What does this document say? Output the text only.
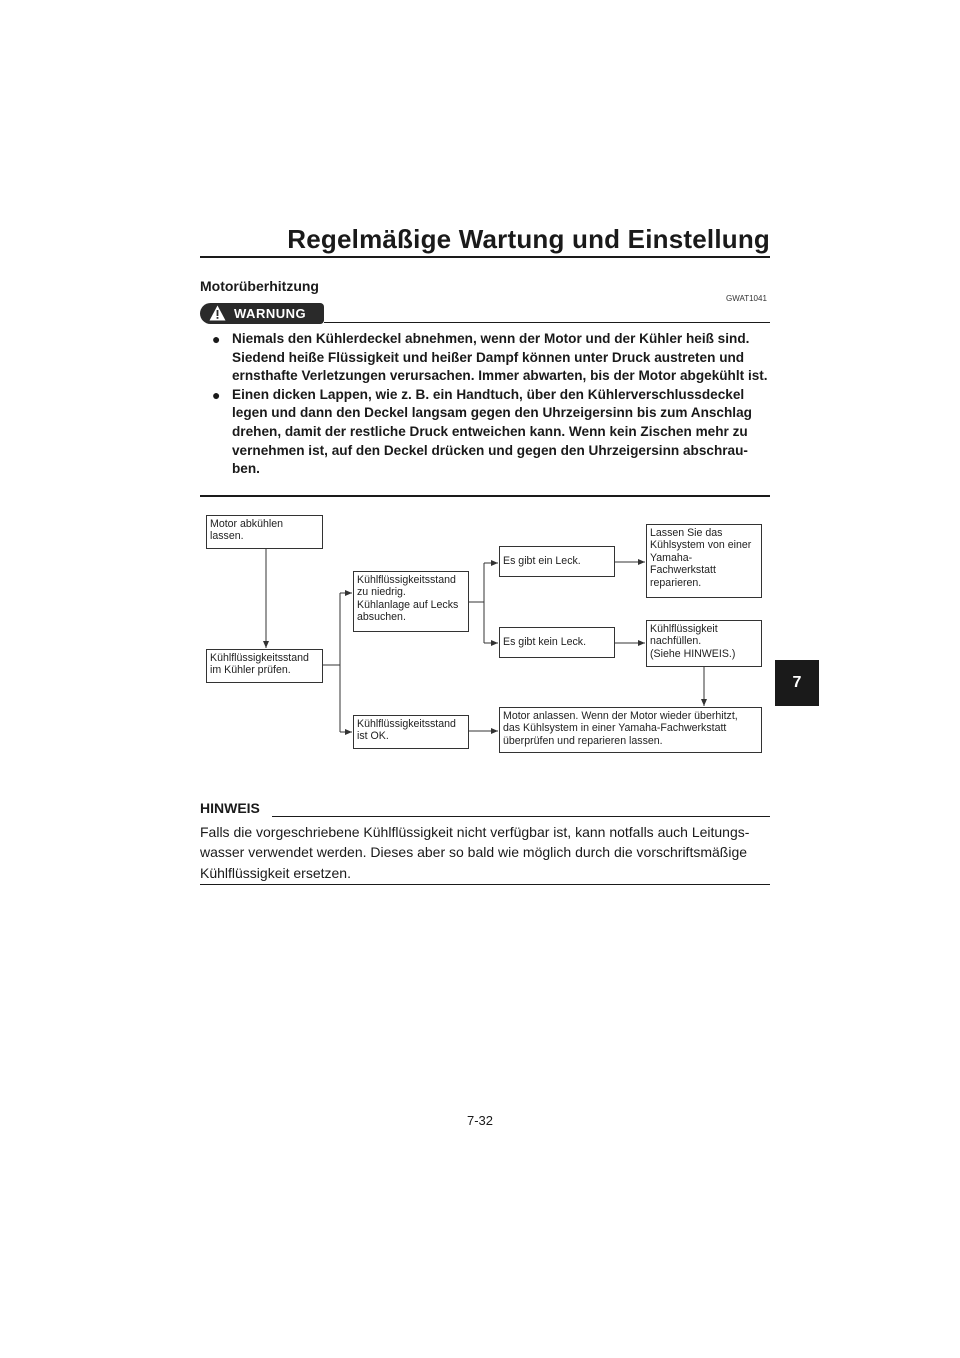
Regelmäßige Wartung und Einstellung
Motorüberhitzung
GWAT1041
WARNUNG
● Niemals den Kühlerdeckel abnehmen, wenn der Motor und der Kühler heiß sind. Siedend heiße Flüssigkeit und heißer Dampf können unter Druck austreten und ernsthafte Verletzungen verursachen. Immer abwarten, bis der Motor abgekühlt ist.
● Einen dicken Lappen, wie z. B. ein Handtuch, über den Kühlerverschlussdeckel legen und dann den Deckel langsam gegen den Uhrzeigersinn bis zum Anschlag drehen, damit der restliche Druck entweichen kann. Wenn kein Zischen mehr zu vernehmen ist, auf den Deckel drücken und gegen den Uhrzeigersinn abschrau-ben.
Motor abkühlen
lassen.
Kühlflüssigkeitsstand
im Kühler prüfen.
Kühlflüssigkeitsstand
zu niedrig.
Kühlanlage auf Lecks
absuchen.
Kühlflüssigkeitsstand
ist OK.
Es gibt ein Leck.
Es gibt kein Leck.
Lassen Sie das
Kühlsystem von einer
Yamaha-
Fachwerkstatt
reparieren.
Kühlflüssigkeit
nachfüllen.
(Siehe HINWEIS.)
Motor anlassen. Wenn der Motor wieder überhitzt,
das Kühlsystem in einer Yamaha-Fachwerkstatt
überprüfen und reparieren lassen.
HINWEIS
Falls die vorgeschriebene Kühlflüssigkeit nicht verfügbar ist, kann notfalls auch Leitungs-wasser verwendet werden. Dieses aber so bald wie möglich durch die vorschriftsmäßige Kühlflüssigkeit ersetzen.
7
7-32
